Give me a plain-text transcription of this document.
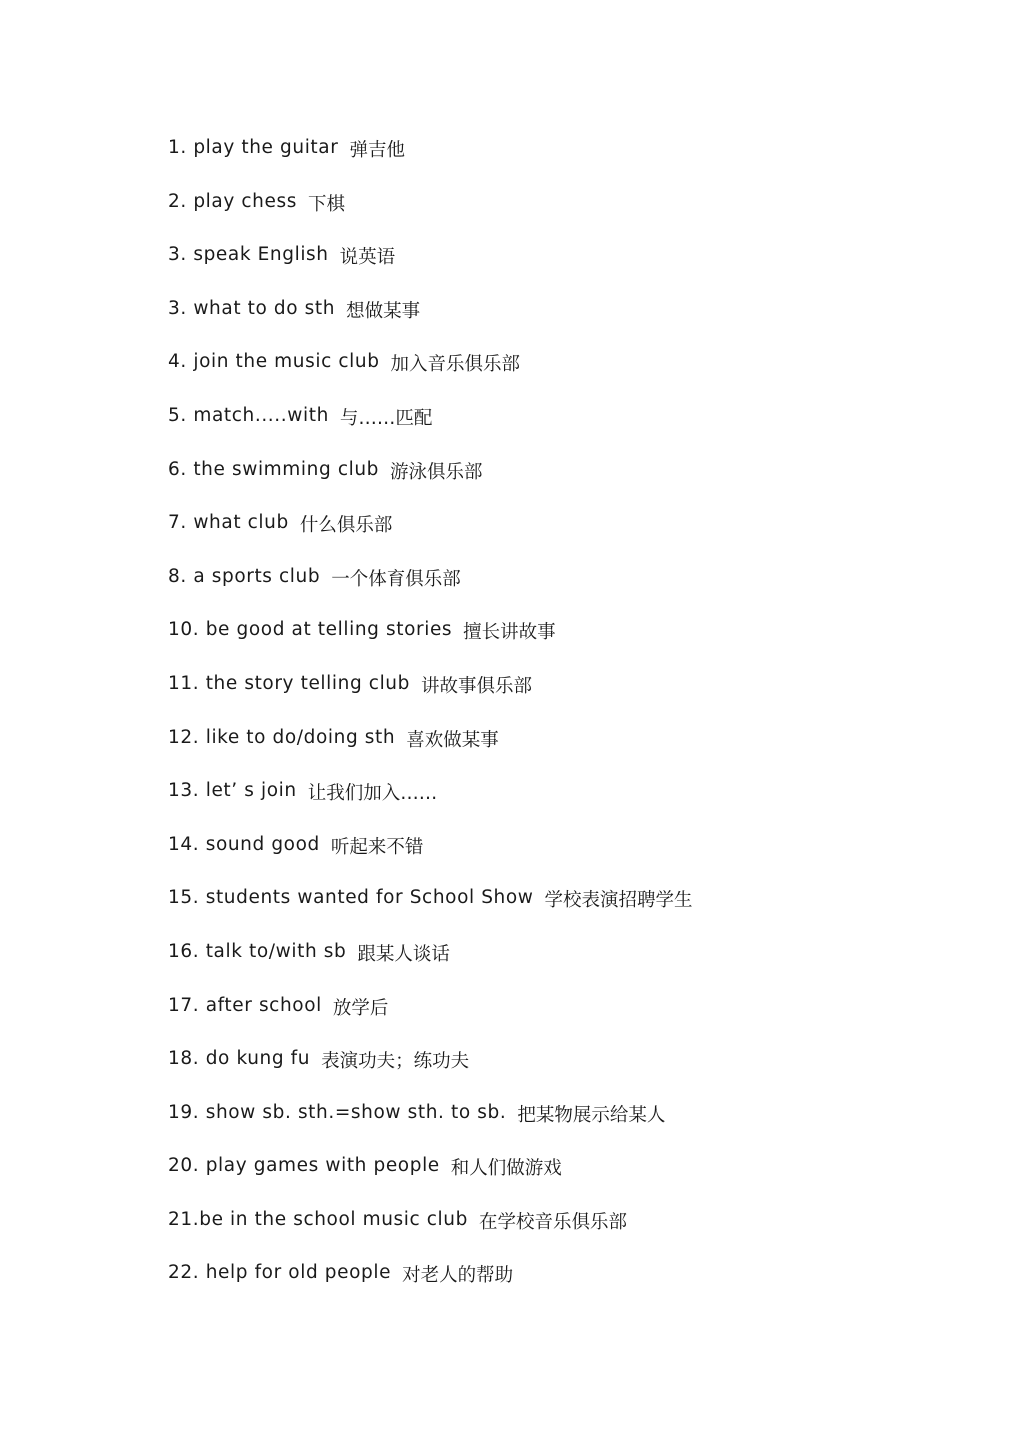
1. play the guitar 弹吉他
2. play chess 下棋
3. speak English 说英语
3. what to do sth 想做某事
4. join the music club 加入音乐俱乐部
5. match.....with 与……匹配
6. the swimming club 游泳俱乐部
7. what club 什么俱乐部
8. a sports club 一个体育俱乐部
10. be good at telling stories 擅长讲故事
11. the story telling club 讲故事俱乐部
12. like to do/doing sth 喜欢做某事
13. let’ s join 让我们加入……
14. sound good 听起来不错
15. students wanted for School Show 学校表演招聘学生
16. talk to/with sb 跟某人谈话
17. after school 放学后
18. do kung fu 表演功夫；练功夫
19. show sb. sth.=show sth. to sb. 把某物展示给某人
20. play games with people 和人们做游戏
21.be in the school music club 在学校音乐俱乐部
22. help for old people 对老人的帮助
